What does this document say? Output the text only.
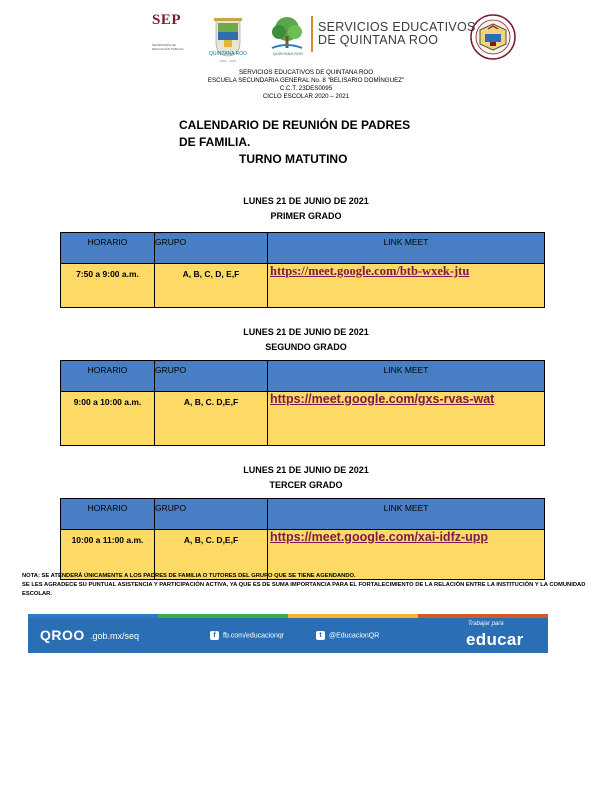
SEP
SECRETARÍA DE EDUCACIÓN PÚBLICA
QUINTANA ROO
2016 – 2022
QUINTANA ROO
SERVICIOS EDUCATIVOS
DE QUINTANA ROO
SERVICIOS EDUCATIVOS DE QUINTANA ROO
ESCUELA SECUNDARIA GENERAL No. 8 "BELISARIO DOMÍNGUEZ"
C.C.T. 23DES0095
CICLO ESCOLAR 2020 – 2021
CALENDARIO DE REUNIÓN DE PADRES
DE FAMILIA.
TURNO MATUTINO
LUNES 21 DE JUNIO DE 2021
PRIMER GRADO
HORARIO	GRUPO	LINK MEET
7:50 a 9:00 a.m.	A, B, C, D, E,F	https://meet.google.com/btb-wxek-jtu
LUNES 21 DE JUNIO DE 2021
SEGUNDO GRADO
HORARIO	GRUPO	LINK MEET
9:00 a 10:00 a.m.	A, B, C. D,E,F	https://meet.google.com/gxs-rvas-wat
LUNES 21 DE JUNIO DE 2021
TERCER GRADO
HORARIO	GRUPO	LINK MEET
10:00 a 11:00 a.m.	A, B, C. D,E,F	https://meet.google.com/xai-idfz-upp
NOTA: SE ATENDERÁ ÚNICAMENTE A LOS PADRES DE FAMILIA O TUTORES DEL GRUPO QUE SE TIENE AGENDANDO.
SE LES AGRADECE SU PUNTUAL ASISTENCIA Y PARTICIPACIÓN ACTIVA, YA QUE ES DE SUMA IMPORTANCIA PARA EL FORTALECIMIENTO DE LA RELACIÓN ENTRE LA INSTITUCIÓN Y LA COMUNIDAD ESCOLAR.
QROO .gob.mx/seq	f fb.com/educacionqr	t @EducacionQR
Trabajar para
educar
